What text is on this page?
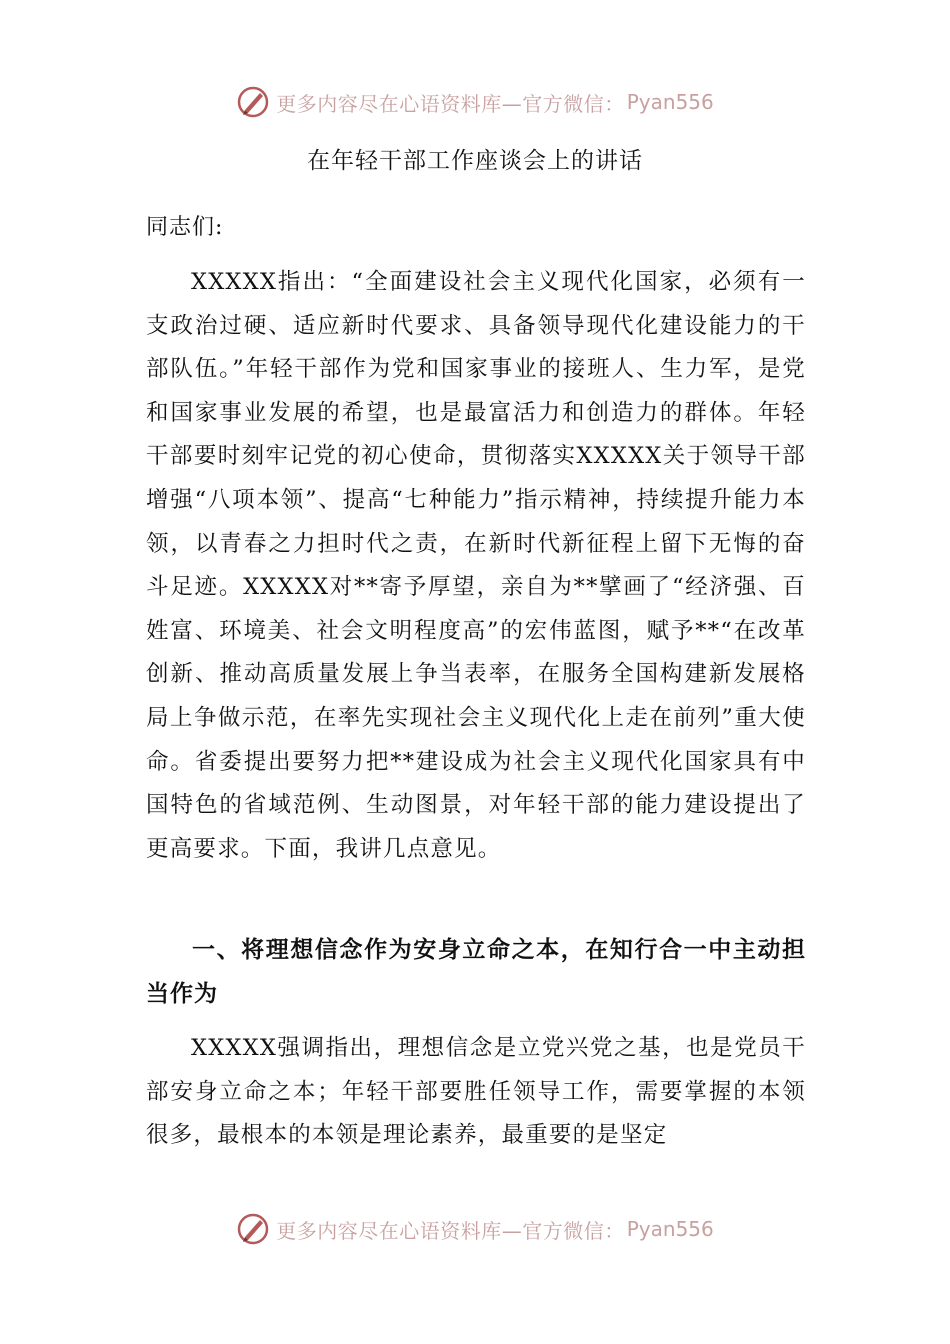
更多内容尽在心语资料库—官方微信： Pyan556
在年轻干部工作座谈会上的讲话
同志们:

XXXXX指出：“全面建设社会主义现代化国家，必须有一支政治过硬、适应新时代要求、具备领导现代化建设能力的干部队伍。”年轻干部作为党和国家事业的接班人、生力军，是党和国家事业发展的希望，也是最富活力和创造力的群体。年轻干部要时刻牢记党的初心使命，贯彻落实XXXXX关于领导干部增强“八项本领”、提高“七种能力”指示精神，持续提升能力本领，以青春之力担时代之责，在新时代新征程上留下无悔的奋斗足迹。XXXXX对**寄予厚望，亲自为**擘画了“经济强、百姓富、环境美、社会文明程度高”的宏伟蓝图，赋予**“在改革创新、推动高质量发展上争当表率，在服务全国构建新发展格局上争做示范，在率先实现社会主义现代化上走在前列”重大使命。省委提出要努力把**建设成为社会主义现代化国家具有中国特色的省域范例、生动图景，对年轻干部的能力建设提出了更高要求。下面，我讲几点意见。

一、将理想信念作为安身立命之本，在知行合一中主动担当作为

XXXXX强调指出，理想信念是立党兴党之基，也是党员干部安身立命之本；年轻干部要胜任领导工作，需要掌握的本领很多，最根本的本领是理论素养，最重要的是坚定

更多内容尽在心语资料库—官方微信： Pyan556
